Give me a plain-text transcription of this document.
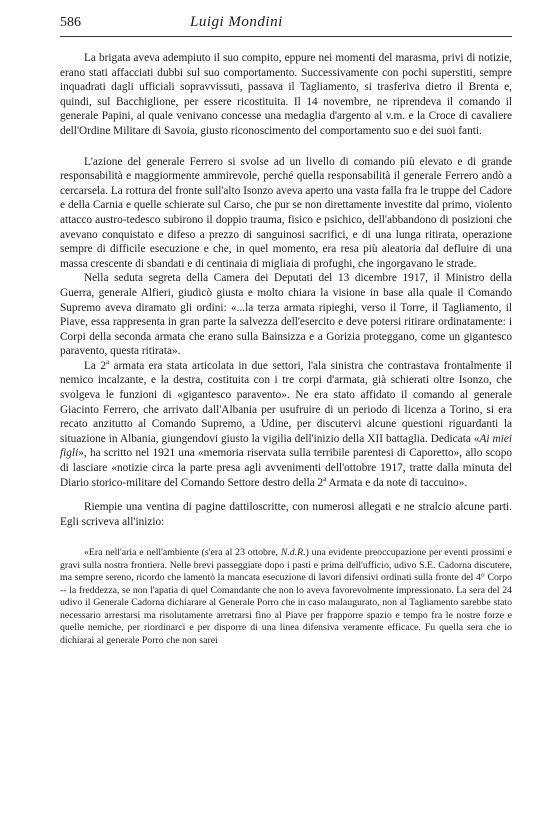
586	Luigi Mondini

La brigata aveva adempiuto il suo compito, eppure nei momenti del marasma, privi di notizie, erano stati affacciati dubbi sul suo comportamento. Successivamente con pochi superstiti, sempre inquadrati dagli ufficiali sopravvissuti, passava il Tagliamento, si trasferiva dietro il Brenta e, quindi, sul Bacchiglione, per essere ricostituita. Il 14 novembre, ne riprendeva il comando il generale Papini, al quale venivano concesse una medaglia d'argento al v.m. e la Croce di cavaliere dell'Ordine Militare di Savoia, giusto riconoscimento del comportamento suo e dei suoi fanti.

L'azione del generale Ferrero si svolse ad un livello di comando più elevato e di grande responsabilità e maggiormente ammirevole, perché quella responsabilità il generale Ferrero andò a cercarsela. La rottura del fronte sull'alto Isonzo aveva aperto una vasta falla fra le truppe del Cadore e della Carnia e quelle schierate sul Carso, che pur se non direttamente investite dal primo, violento attacco austro-tedesco subirono il doppio trauma, fisico e psichico, dell'abbandono di posizioni che avevano conquistato e difeso a prezzo di sanguinosi sacrifici, e di una lunga ritirata, operazione sempre di difficile esecuzione e che, in quel momento, era resa più aleatoria dal defluire di una massa crescente di sbandati e di centinaia di migliaia di profughi, che ingorgavano le strade.

Nella seduta segreta della Camera dei Deputati del 13 dicembre 1917, il Ministro della Guerra, generale Alfieri, giudicò giusta e molto chiara la visione in base alla quale il Comando Supremo aveva diramato gli ordini: «...la terza armata ripieghi, verso il Torre, il Tagliamento, il Piave, essa rappresenta in gran parte la salvezza dell'esercito e deve potersi ritirare ordinatamente: i Corpi della seconda armata che erano sulla Bainsizza e a Gorizia proteggano, come un gigantesco paravento, questa ritirata».

La 2$^a$ armata era stata articolata in due settori, l'ala sinistra che contrastava frontalmente il nemico incalzante, e la destra, costituita con i tre corpi d'armata, già schierati oltre Isonzo, che svolgeva le funzioni di «gigantesco paravento». Ne era stato affidato il comando al generale Giacinto Ferrero, che arrivato dall'Albania per usufruire di un periodo di licenza a Torino, si era recato anzitutto al Comando Supremo, a Udine, per discutervi alcune questioni riguardanti la situazione in Albania, giungendovi giusto la vigilia dell'inizio della XII battaglia. Dedicata «Ai miei figli», ha scritto nel 1921 una «memoria riservata sulla terribile parentesi di Caporetto», allo scopo di lasciare «notizie circa la parte presa agli avvenimenti dell'ottobre 1917, tratte dalla minuta del Diario storico-militare del Comando Settore destro della 2$^a$ Armata e da note di taccuino».

Riempie una ventina di pagine dattiloscritte, con numerosi allegati e ne stralcio alcune parti. Egli scriveva all'inizio:

«Era nell'aria e nell'ambiente (s'era al 23 ottobre, N.d.R.) una evidente preoccupazione per eventi prossimi e gravi sulla nostra frontiera. Nelle brevi passeggiate dopo i pasti e prima dell'ufficio, udivo S.E. Cadorna discutere, ma sempre sereno, ricordo che lamentò la mancata esecuzione di lavori difensivi ordinati sulla fronte del 4° Corpo -- la freddezza, se non l'apatia di quel Comandante che non lo aveva favorevolmente impressionato. La sera del 24 udivo il Generale Cadorna dichiarare al Generale Porro che in caso malaugurato, non al Tagliamento sarebbe stato necessario arrestarsi ma risolutamente arretrarsi fino al Piave per frapporre spazio e tempo fra le nostre forze e quelle nemiche, per riordinarci e per disporre di una linea difensiva veramente efficace. Fu quella sera che io dichiarai al generale Porro che non sarei
